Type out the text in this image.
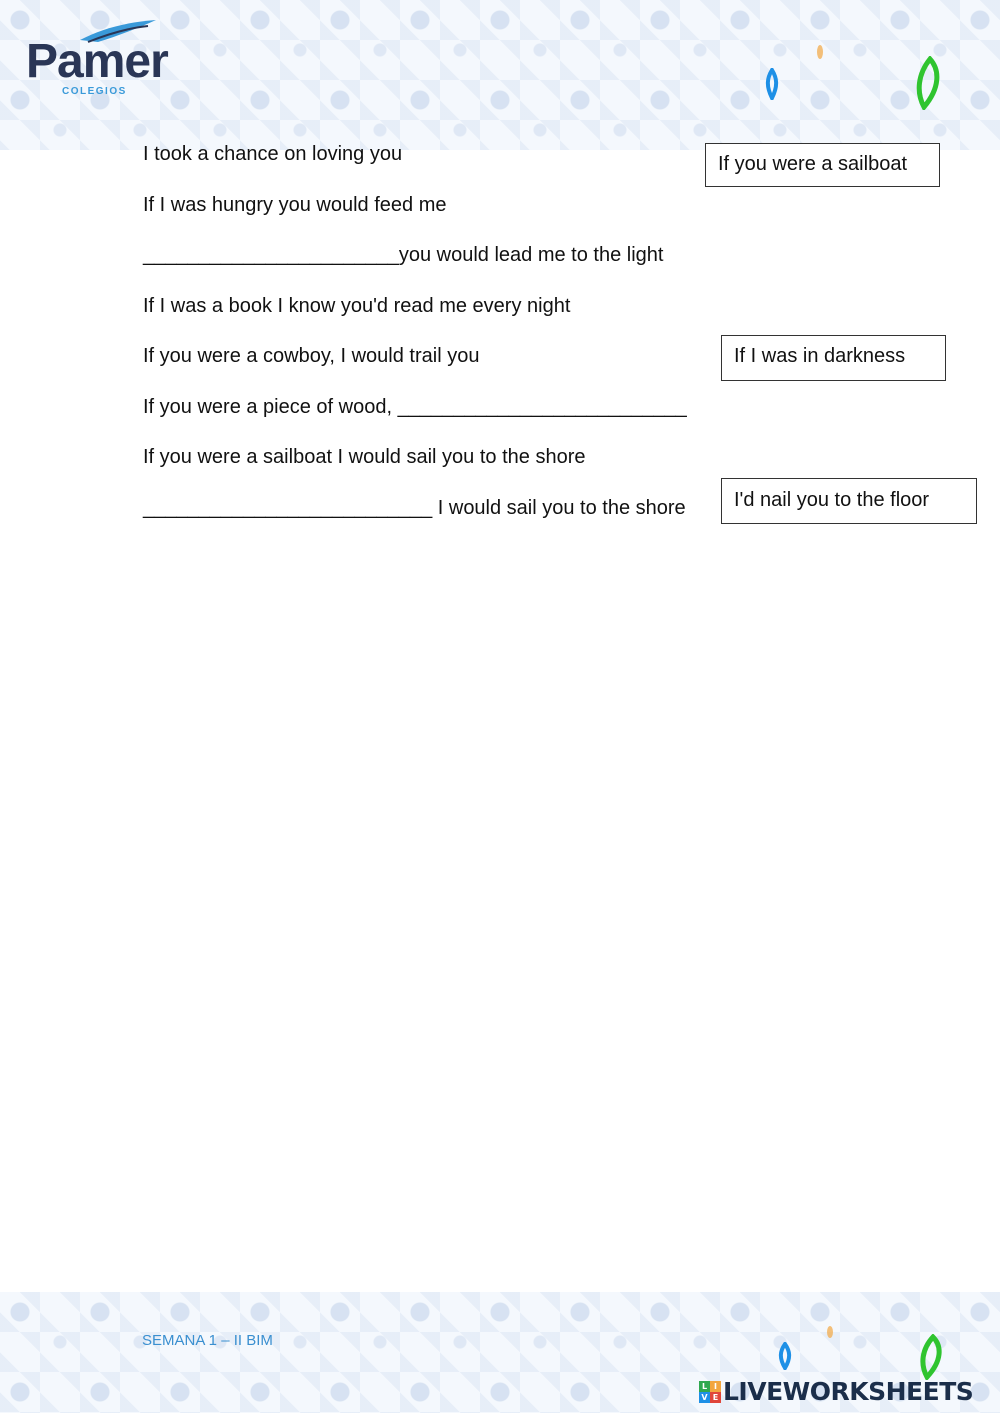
Pamer
COLEGIOS
I took a chance on loving you
If I was hungry you would feed me
_______________________you would lead me to the light
If I was a book I know you'd read me every night
If you were a cowboy, I would trail you
If you were a piece of wood, __________________________
If you were a sailboat I would sail you to the shore
__________________________ I would sail you to the shore
If you were a sailboat
If I was in darkness
I'd nail you to the floor
SEMANA 1 – II BIM
L I
V E LIVEWORKSHEETS
